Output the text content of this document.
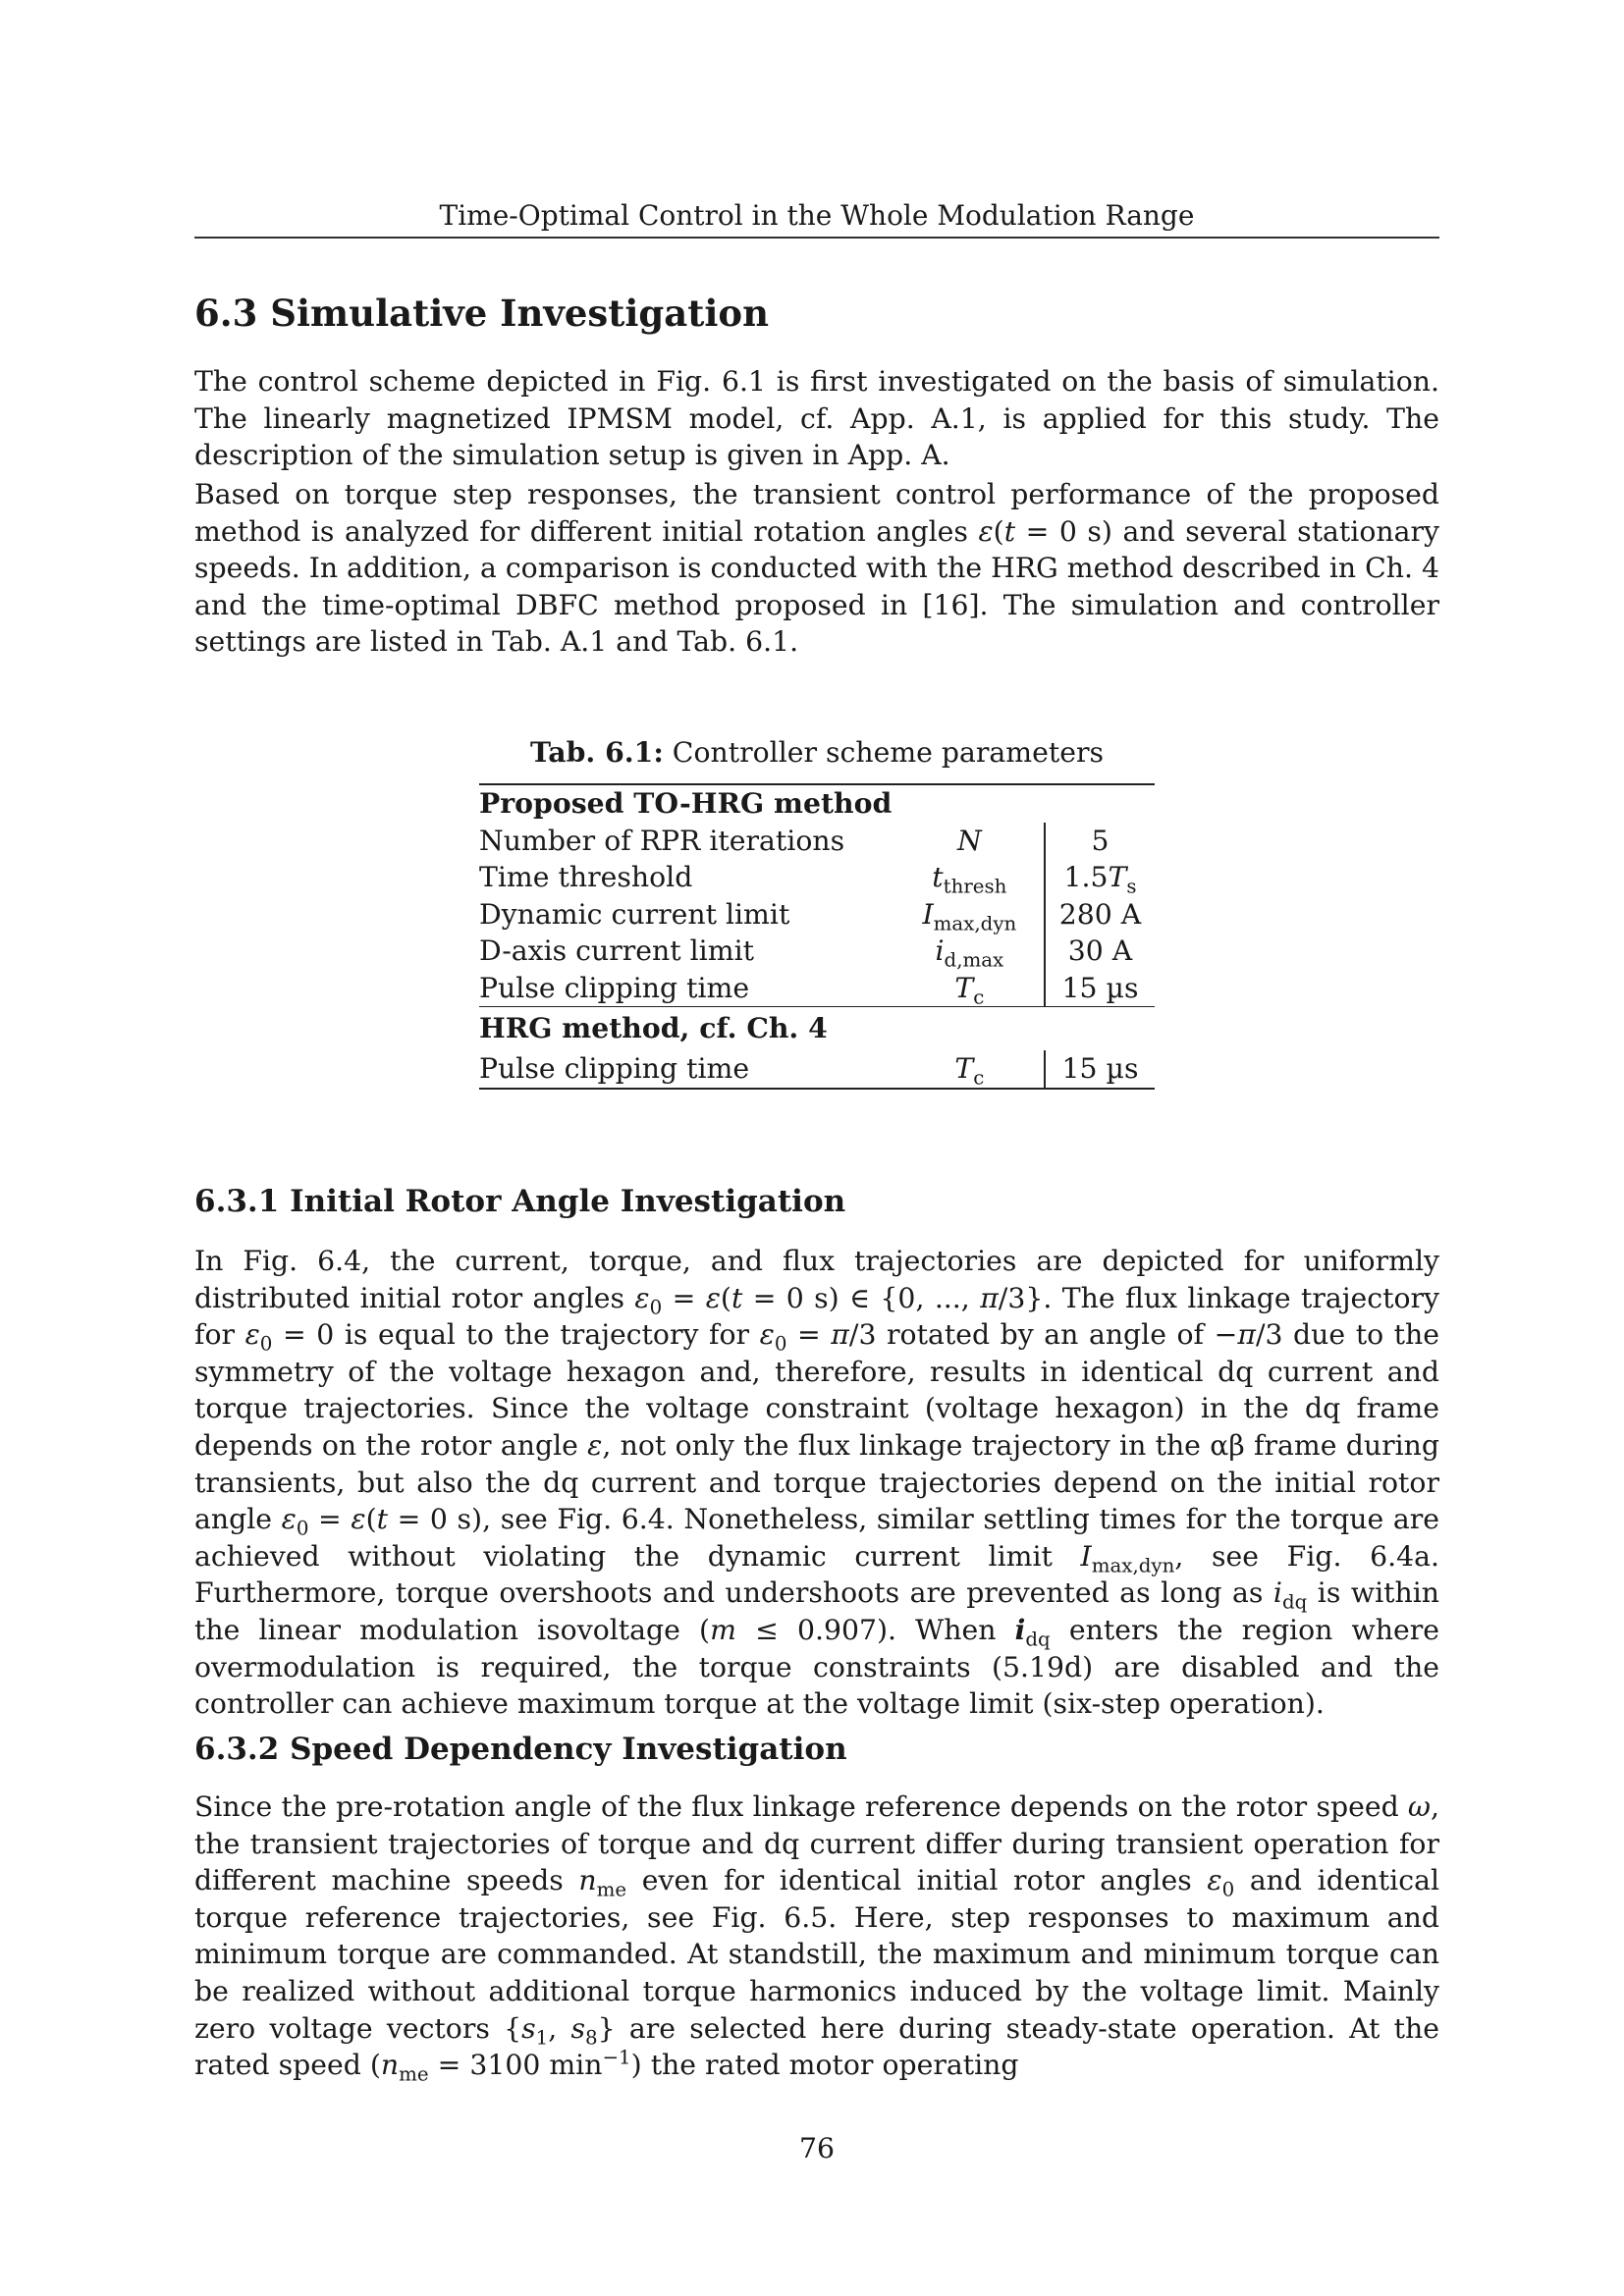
Time-Optimal Control in the Whole Modulation Range
6.3 Simulative Investigation

The control scheme depicted in Fig. 6.1 is first investigated on the basis of simulation. The linearly magnetized IPMSM model, cf. App. A.1, is applied for this study. The description of the simulation setup is given in App. A.

Based on torque step responses, the transient control performance of the proposed method is analyzed for different initial rotation angles ε(t = 0 s) and several stationary speeds. In addition, a comparison is conducted with the HRG method described in Ch. 4 and the time-optimal DBFC method proposed in [16]. The simulation and controller settings are listed in Tab. A.1 and Tab. 6.1.

Tab. 6.1: Controller scheme parameters
Proposed TO-HRG method		
Number of RPR iterations	N	5
Time threshold	$t_{thresh}$	$1.5T_s$
Dynamic current limit	$I_{max,dyn}$	280 A
D-axis current limit	$i_{d,max}$	30 A
Pulse clipping time	$T_c$	15 µs
HRG method, cf. Ch. 4		
Pulse clipping time	$T_c$	15 µs
6.3.1 Initial Rotor Angle Investigation

In Fig. 6.4, the current, torque, and flux trajectories are depicted for uniformly distributed initial rotor angles $\varepsilon_0 = \varepsilon(t = 0$ s) ∈ {0, ..., π/3}. The flux linkage trajectory for $\varepsilon_0 = 0$ is equal to the trajectory for $\varepsilon_0 = \pi/3$ rotated by an angle of −π/3 due to the symmetry of the voltage hexagon and, therefore, results in identical dq current and torque trajectories. Since the voltage constraint (voltage hexagon) in the dq frame depends on the rotor angle ε, not only the flux linkage trajectory in the αβ frame during transients, but also the dq current and torque trajectories depend on the initial rotor angle $\varepsilon_0 = \varepsilon(t = 0$ s), see Fig. 6.4. Nonetheless, similar settling times for the torque are achieved without violating the dynamic current limit $I_{max,dyn}$, see Fig. 6.4a. Furthermore, torque overshoots and undershoots are prevented as long as $i_{dq}$ is within the linear modulation isovoltage (m ≤ 0.907). When $i_{dq}$ enters the region where overmodulation is required, the torque constraints (5.19d) are disabled and the controller can achieve maximum torque at the voltage limit (six-step operation).

6.3.2 Speed Dependency Investigation

Since the pre-rotation angle of the flux linkage reference depends on the rotor speed ω, the transient trajectories of torque and dq current differ during transient operation for different machine speeds $n_{me}$ even for identical initial rotor angles $\varepsilon_0$ and identical torque reference trajectories, see Fig. 6.5. Here, step responses to maximum and minimum torque are commanded. At standstill, the maximum and minimum torque can be realized without additional torque harmonics induced by the voltage limit. Mainly zero voltage vectors {$s_1$, $s_8$} are selected here during steady-state operation. At the rated speed ($n_{me} = 3100$ $\min^{-1}$) the rated motor operating

76
